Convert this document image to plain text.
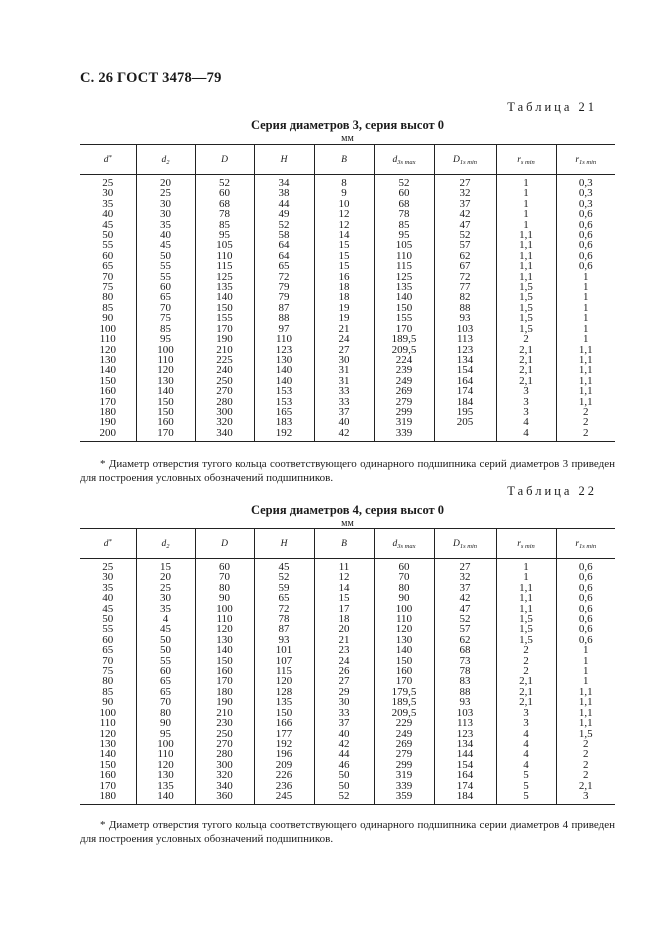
С. 26 ГОСТ 3478—79
Таблица 21
Серия диаметров 3, серия высот 0
мм
d*	$d_2$	D	H	B	$d_{3s max}$	$D_{1s min}$	$r_{s min}$	$r_{1s min}$
25	20	52	34	8	52	27	1	0,3
30	25	60	38	9	60	32	1	0,3
35	30	68	44	10	68	37	1	0,3
40	30	78	49	12	78	42	1	0,6
45	35	85	52	12	85	47	1	0,6
50	40	95	58	14	95	52	1,1	0,6
55	45	105	64	15	105	57	1,1	0,6
60	50	110	64	15	110	62	1,1	0,6
65	55	115	65	15	115	67	1,1	0,6
70	55	125	72	16	125	72	1,1	1
75	60	135	79	18	135	77	1,5	1
80	65	140	79	18	140	82	1,5	1
85	70	150	87	19	150	88	1,5	1
90	75	155	88	19	155	93	1,5	1
100	85	170	97	21	170	103	1,5	1
110	95	190	110	24	189,5	113	2	1
120	100	210	123	27	209,5	123	2,1	1,1
130	110	225	130	30	224	134	2,1	1,1
140	120	240	140	31	239	154	2,1	1,1
150	130	250	140	31	249	164	2,1	1,1
160	140	270	153	33	269	174	3	1,1
170	150	280	153	33	279	184	3	1,1
180	150	300	165	37	299	195	3	2
190	160	320	183	40	319	205	4	2
200	170	340	192	42	339		4	2
* Диаметр отверстия тугого кольца соответствующего одинарного подшипника серий диаметров 3 приведен для построения условных обозначений подшипников.
Таблица 22
Серия диаметров 4, серия высот 0
мм
d*	$d_2$	D	H	B	$d_{3s max}$	$D_{1s min}$	$r_{s min}$	$r_{1s min}$
25	15	60	45	11	60	27	1	0,6
30	20	70	52	12	70	32	1	0,6
35	25	80	59	14	80	37	1,1	0,6
40	30	90	65	15	90	42	1,1	0,6
45	35	100	72	17	100	47	1,1	0,6
50	4	110	78	18	110	52	1,5	0,6
55	45	120	87	20	120	57	1,5	0,6
60	50	130	93	21	130	62	1,5	0,6
65	50	140	101	23	140	68	2	1
70	55	150	107	24	150	73	2	1
75	60	160	115	26	160	78	2	1
80	65	170	120	27	170	83	2,1	1
85	65	180	128	29	179,5	88	2,1	1,1
90	70	190	135	30	189,5	93	2,1	1,1
100	80	210	150	33	209,5	103	3	1,1
110	90	230	166	37	229	113	3	1,1
120	95	250	177	40	249	123	4	1,5
130	100	270	192	42	269	134	4	2
140	110	280	196	44	279	144	4	2
150	120	300	209	46	299	154	4	2
160	130	320	226	50	319	164	5	2
170	135	340	236	50	339	174	5	2,1
180	140	360	245	52	359	184	5	3
* Диаметр отверстия тугого кольца соответствующего одинарного подшипника серии диаметров 4 приведен для построения условных обозначений подшипников.
